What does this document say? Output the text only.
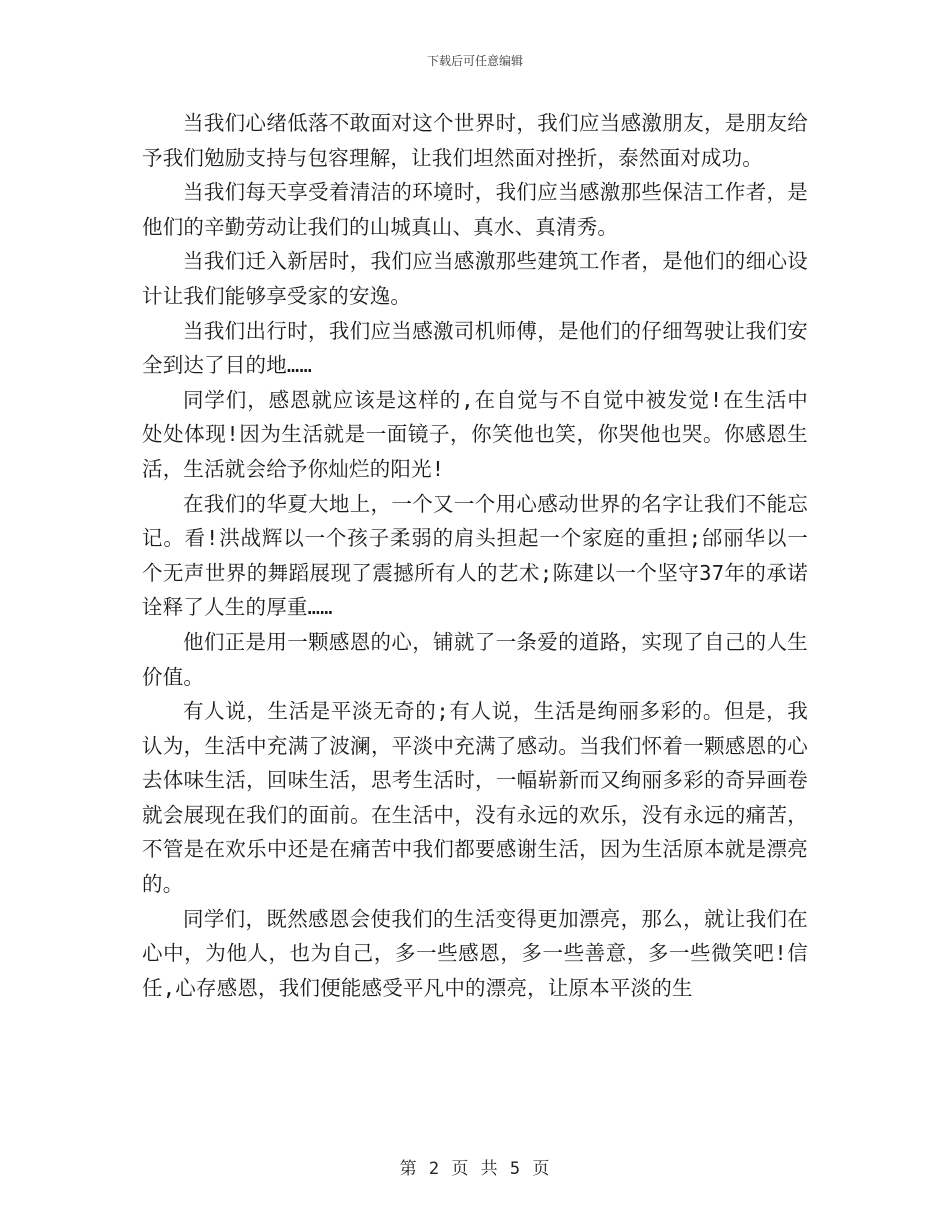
下载后可任意编辑

当我们心绪低落不敢面对这个世界时，我们应当感激朋友，是朋友给予我们勉励支持与包容理解，让我们坦然面对挫折，泰然面对成功。

当我们每天享受着清洁的环境时，我们应当感激那些保洁工作者，是他们的辛勤劳动让我们的山城真山、真水、真清秀。

当我们迁入新居时，我们应当感激那些建筑工作者，是他们的细心设计让我们能够享受家的安逸。

当我们出行时，我们应当感激司机师傅，是他们的仔细驾驶让我们安全到达了目的地……

同学们，感恩就应该是这样的,在自觉与不自觉中被发觉!在生活中处处体现!因为生活就是一面镜子，你笑他也笑，你哭他也哭。你感恩生活，生活就会给予你灿烂的阳光!

在我们的华夏大地上，一个又一个用心感动世界的名字让我们不能忘记。看!洪战辉以一个孩子柔弱的肩头担起一个家庭的重担;邰丽华以一个无声世界的舞蹈展现了震撼所有人的艺术;陈建以一个坚守37年的承诺诠释了人生的厚重……

他们正是用一颗感恩的心，铺就了一条爱的道路，实现了自己的人生价值。

有人说，生活是平淡无奇的;有人说，生活是绚丽多彩的。但是，我认为，生活中充满了波澜，平淡中充满了感动。当我们怀着一颗感恩的心去体味生活，回味生活，思考生活时，一幅崭新而又绚丽多彩的奇异画卷就会展现在我们的面前。在生活中，没有永远的欢乐，没有永远的痛苦，不管是在欢乐中还是在痛苦中我们都要感谢生活，因为生活原本就是漂亮的。

同学们，既然感恩会使我们的生活变得更加漂亮，那么，就让我们在心中，为他人，也为自己，多一些感恩，多一些善意，多一些微笑吧!信任,心存感恩，我们便能感受平凡中的漂亮，让原本平淡的生

第 2 页 共 5 页
